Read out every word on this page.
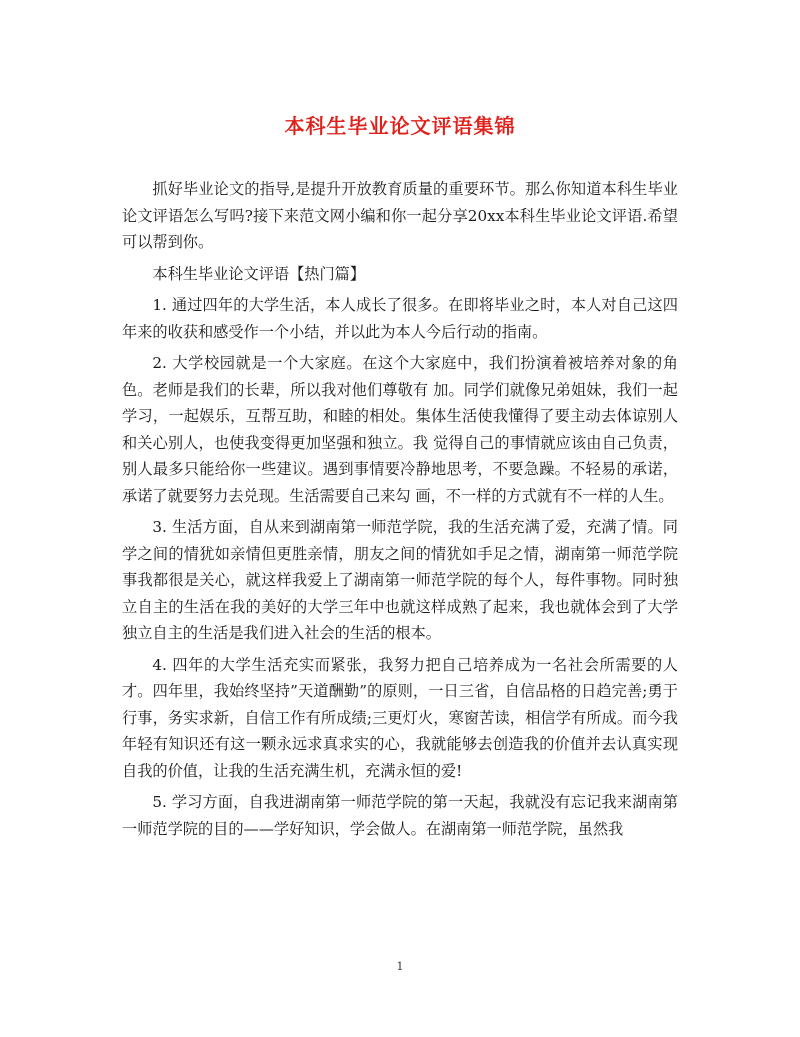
本科生毕业论文评语集锦

抓好毕业论文的指导,是提升开放教育质量的重要环节。那么你知道本科生毕业论文评语怎么写吗?接下来范文网小编和你一起分享20xx本科生毕业论文评语.希望可以帮到你。

本科生毕业论文评语【热门篇】

1. 通过四年的大学生活，本人成长了很多。在即将毕业之时，本人对自己这四年来的收获和感受作一个小结，并以此为本人今后行动的指南。

2. 大学校园就是一个大家庭。在这个大家庭中，我们扮演着被培养对象的角色。老师是我们的长辈，所以我对他们尊敬有 加。同学们就像兄弟姐妹，我们一起学习，一起娱乐，互帮互助，和睦的相处。集体生活使我懂得了要主动去体谅别人和关心别人，也使我变得更加坚强和独立。我 觉得自己的事情就应该由自己负责，别人最多只能给你一些建议。遇到事情要冷静地思考，不要急躁。不轻易的承诺，承诺了就要努力去兑现。生活需要自己来勾 画，不一样的方式就有不一样的人生。

3. 生活方面，自从来到湖南第一师范学院，我的生活充满了爱，充满了情。同学之间的情犹如亲情但更胜亲情，朋友之间的情犹如手足之情，湖南第一师范学院事我都很是关心，就这样我爱上了湖南第一师范学院的每个人，每件事物。同时独立自主的生活在我的美好的大学三年中也就这样成熟了起来，我也就体会到了大学独立自主的生活是我们进入社会的生活的根本。

4. 四年的大学生活充实而紧张，我努力把自己培养成为一名社会所需要的人才。四年里，我始终坚持”天道酬勤”的原则，一日三省，自信品格的日趋完善;勇于行事，务实求新，自信工作有所成绩;三更灯火，寒窗苦读，相信学有所成。而今我年轻有知识还有这一颗永远求真求实的心，我就能够去创造我的价值并去认真实现自我的价值，让我的生活充满生机，充满永恒的爱!

5. 学习方面，自我进湖南第一师范学院的第一天起，我就没有忘记我来湖南第一师范学院的目的——学好知识，学会做人。在湖南第一师范学院，虽然我

1
